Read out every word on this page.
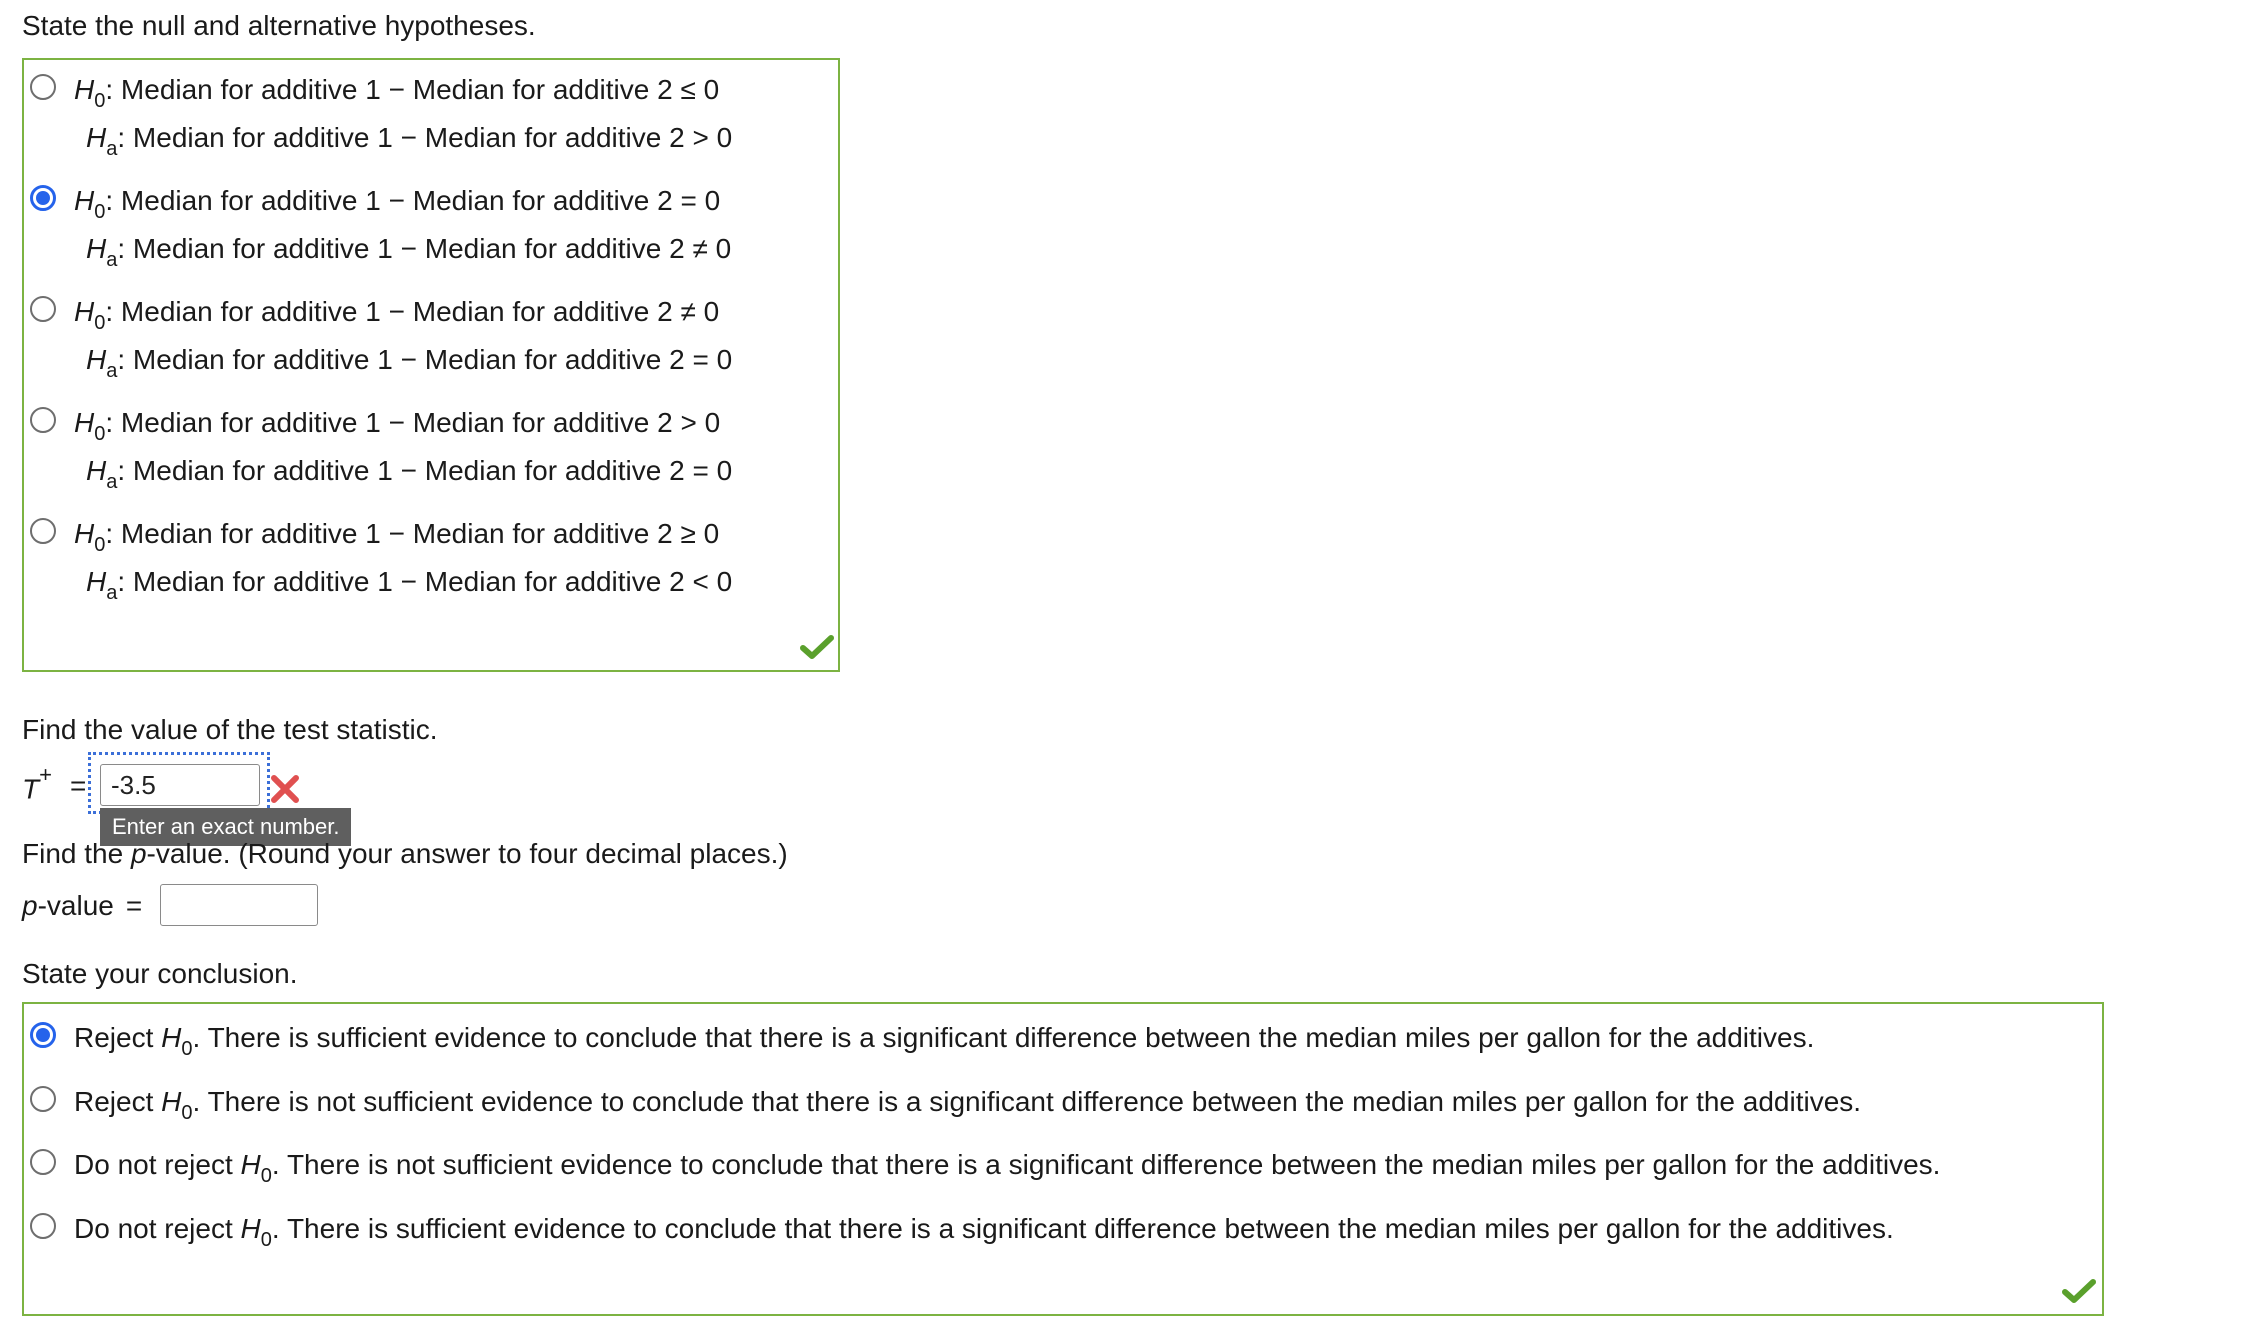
State the null and alternative hypotheses.
$H_0$: Median for additive 1 − Median for additive 2 ≤ 0
$H_a$: Median for additive 1 − Median for additive 2 > 0
$H_0$: Median for additive 1 − Median for additive 2 = 0
$H_a$: Median for additive 1 − Median for additive 2 ≠ 0
$H_0$: Median for additive 1 − Median for additive 2 ≠ 0
$H_a$: Median for additive 1 − Median for additive 2 = 0
$H_0$: Median for additive 1 − Median for additive 2 > 0
$H_a$: Median for additive 1 − Median for additive 2 = 0
$H_0$: Median for additive 1 − Median for additive 2 ≥ 0
$H_a$: Median for additive 1 − Median for additive 2 < 0
Find the value of the test statistic.
T+ =
-3.5
Enter an exact number.
Find the p-value. (Round your answer to four decimal places.)
p-value =
State your conclusion.
Reject $H_0$. There is sufficient evidence to conclude that there is a significant difference between the median miles per gallon for the additives.
Reject $H_0$. There is not sufficient evidence to conclude that there is a significant difference between the median miles per gallon for the additives.
Do not reject $H_0$. There is not sufficient evidence to conclude that there is a significant difference between the median miles per gallon for the additives.
Do not reject $H_0$. There is sufficient evidence to conclude that there is a significant difference between the median miles per gallon for the additives.
